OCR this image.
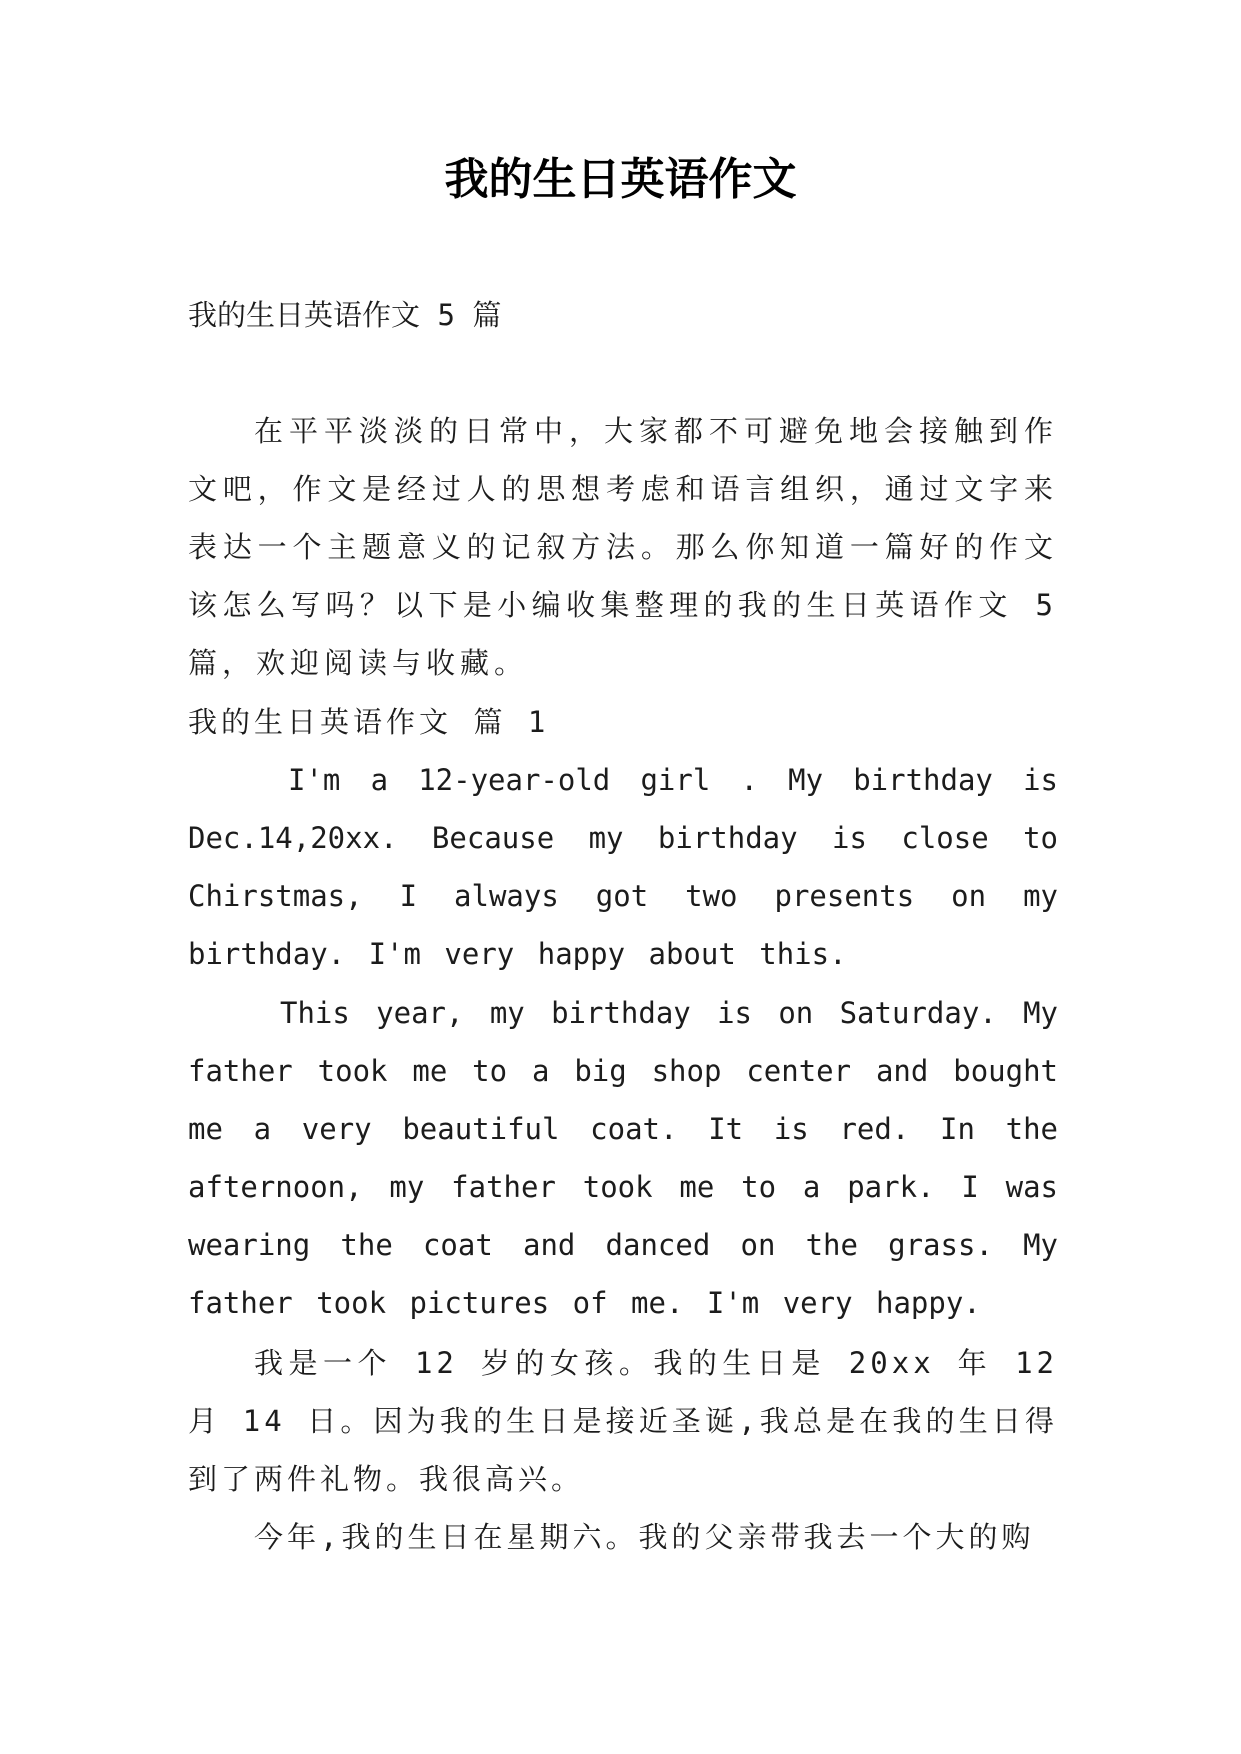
我的生日英语作文

我的生日英语作文 5 篇

在平平淡淡的日常中，大家都不可避免地会接触到作文吧，作文是经过人的思想考虑和语言组织，通过文字来表达一个主题意义的记叙方法。那么你知道一篇好的作文该怎么写吗？以下是小编收集整理的我的生日英语作文 5 篇，欢迎阅读与收藏。

我的生日英语作文 篇 1

I'm a 12-year-old girl . My birthday is Dec.14,20xx. Because my birthday is close to Chirstmas, I always got two presents on my birthday. I'm very happy about this.

This year, my birthday is on Saturday. My father took me to a big shop center and bought me a very beautiful coat. It is red. In the afternoon, my father took me to a park. I was wearing the coat and danced on the grass. My father took pictures of me. I'm very happy.

我是一个 12 岁的女孩。我的生日是 20xx 年 12 月 14 日。因为我的生日是接近圣诞,我总是在我的生日得到了两件礼物。我很高兴。

今年,我的生日在星期六。我的父亲带我去一个大的购
